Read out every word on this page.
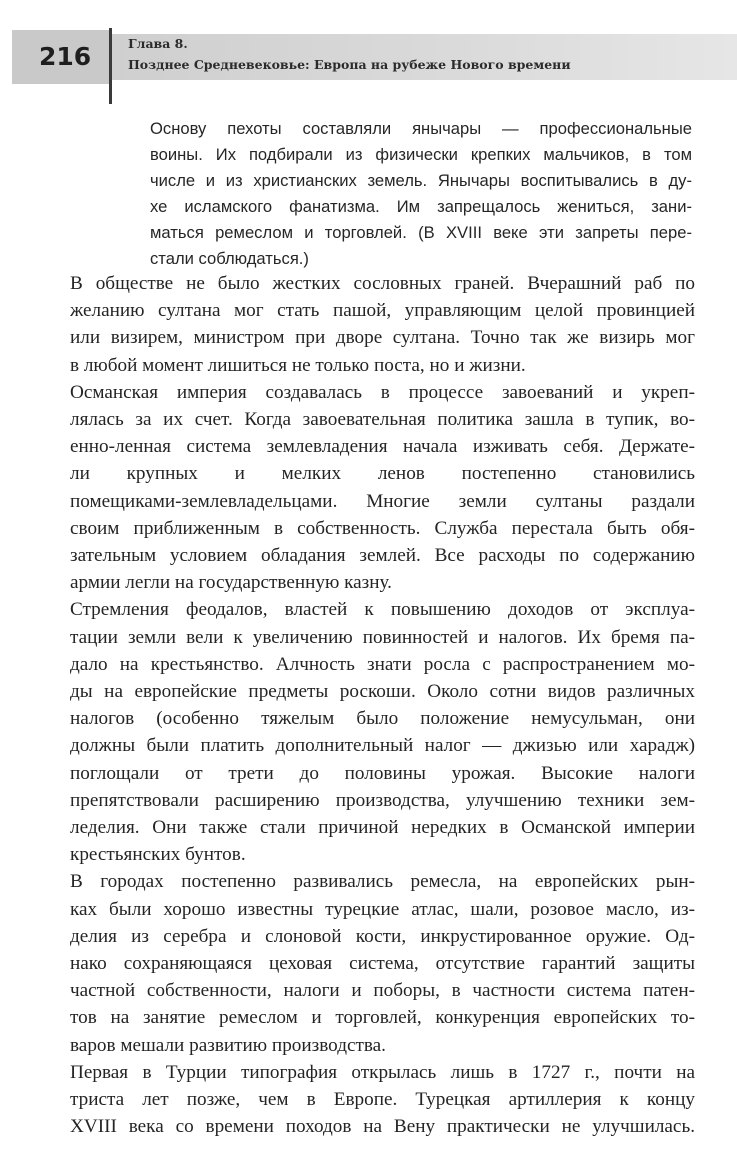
216	Глава 8.
Позднее Средневековье: Европа на рубеже Нового времени
Основу пехоты составляли янычары — профессиональные
воины. Их подбирали из физически крепких мальчиков, в том
числе и из христианских земель. Янычары воспитывались в ду-
хе исламского фанатизма. Им запрещалось жениться, зани-
маться ремеслом и торговлей. (В XVIII веке эти запреты пере-
стали соблюдаться.)

В обществе не было жестких сословных граней. Вчерашний раб по
желанию султана мог стать пашой, управляющим целой провинцией
или визирем, министром при дворе султана. Точно так же визирь мог
в любой момент лишиться не только поста, но и жизни.

Османская империя создавалась в процессе завоеваний и укреп-
лялась за их счет. Когда завоевательная политика зашла в тупик, во-
енно-ленная система землевладения начала изживать себя. Держате-
ли крупных и мелких ленов постепенно становились
помещиками-землевладельцами. Многие земли султаны раздали
своим приближенным в собственность. Служба перестала быть обя-
зательным условием обладания землей. Все расходы по содержанию
армии легли на государственную казну.

Стремления феодалов, властей к повышению доходов от эксплуа-
тации земли вели к увеличению повинностей и налогов. Их бремя па-
дало на крестьянство. Алчность знати росла с распространением мо-
ды на европейские предметы роскоши. Около сотни видов различных
налогов (особенно тяжелым было положение немусульман, они
должны были платить дополнительный налог — джизью или харадж)
поглощали от трети до половины урожая. Высокие налоги
препятствовали расширению производства, улучшению техники зем-
леделия. Они также стали причиной нередких в Османской империи
крестьянских бунтов.

В городах постепенно развивались ремесла, на европейских рын-
ках были хорошо известны турецкие атлас, шали, розовое масло, из-
делия из серебра и слоновой кости, инкрустированное оружие. Од-
нако сохраняющаяся цеховая система, отсутствие гарантий защиты
частной собственности, налоги и поборы, в частности система патен-
тов на занятие ремеслом и торговлей, конкуренция европейских то-
варов мешали развитию производства.

Первая в Турции типография открылась лишь в 1727 г., почти на
триста лет позже, чем в Европе. Турецкая артиллерия к концу
XVIII века со времени походов на Вену практически не улучшилась.
